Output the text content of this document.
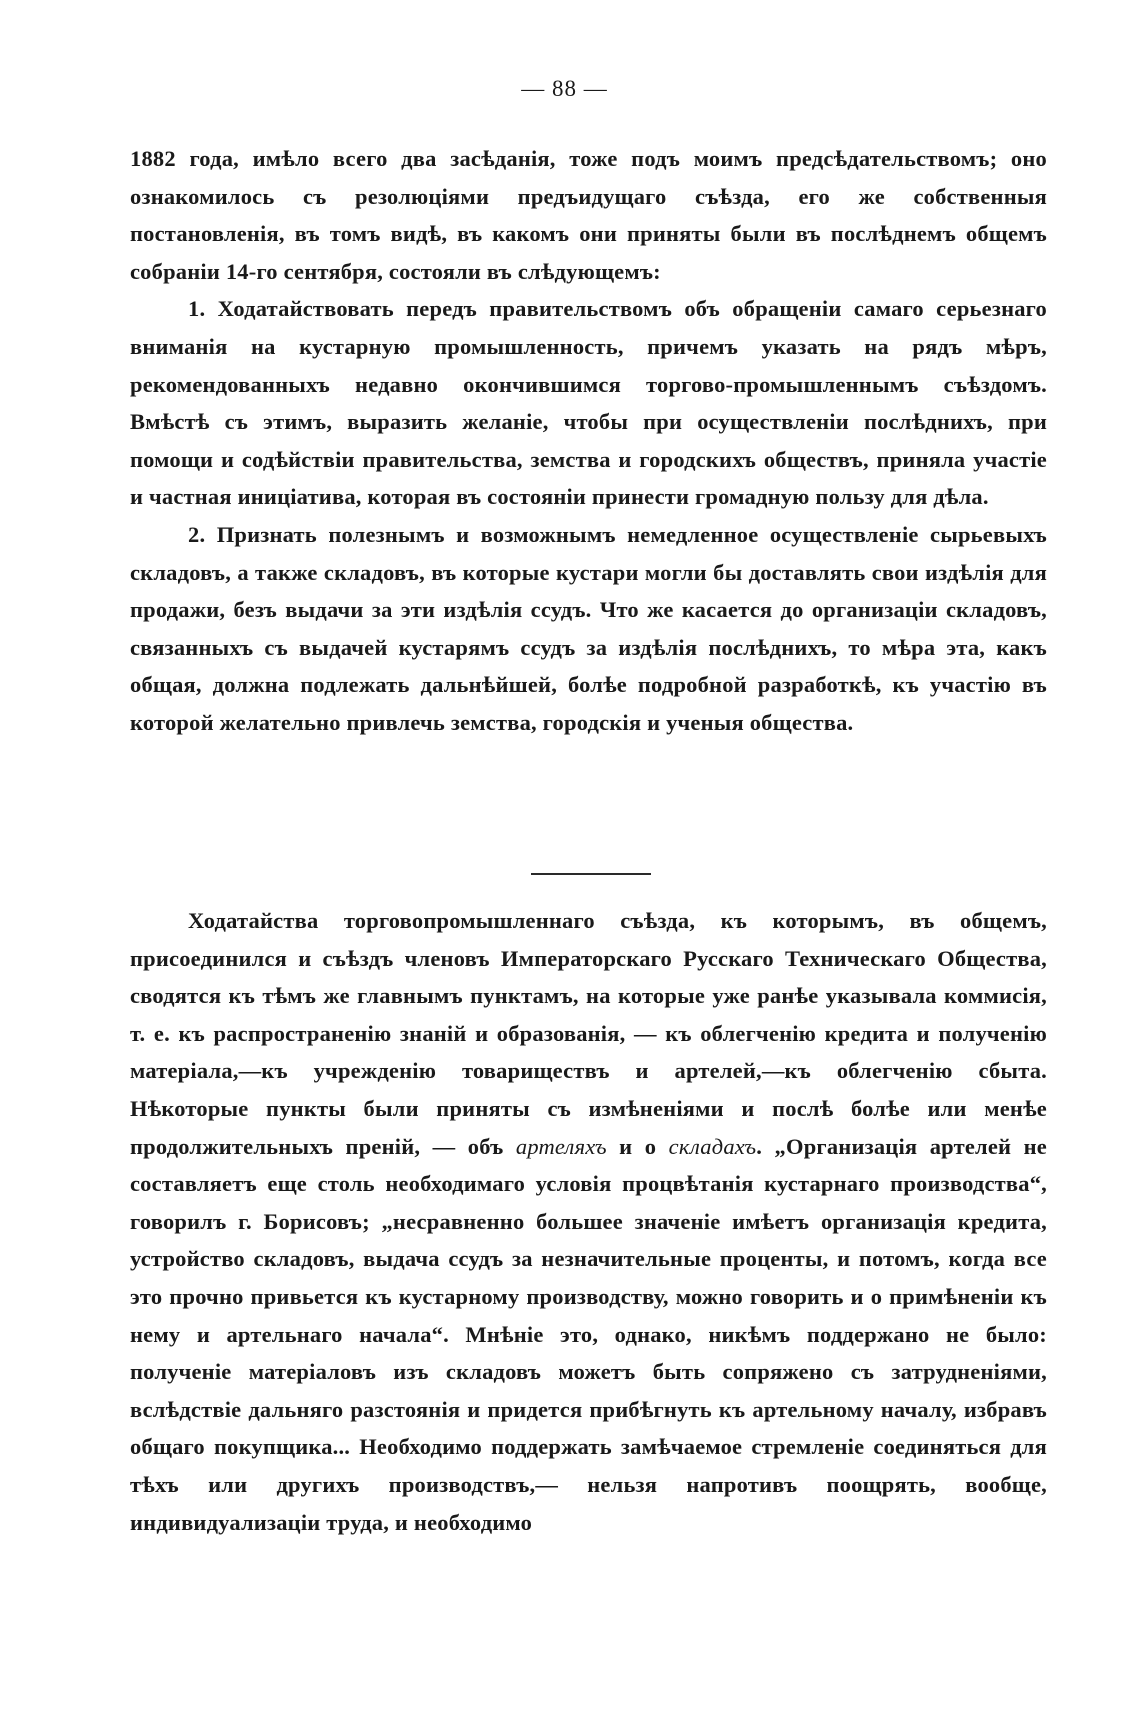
— 88 —

1882 года, имѣло всего два засѣданія, тоже подъ моимъ предсѣдательствомъ; оно ознакомилось съ резолюціями предъидущаго съѣзда, его же собственныя постановленія, въ томъ видѣ, въ какомъ они приняты были въ послѣднемъ общемъ собраніи 14-го сентября, состояли въ слѣдующемъ:

1. Ходатайствовать передъ правительствомъ объ обращеніи самаго серьезнаго вниманія на кустарную промышленность, причемъ указать на рядъ мѣръ, рекомендованныхъ недавно окончившимся торгово-промышленнымъ съѣздомъ. Вмѣстѣ съ этимъ, выразить желаніе, чтобы при осуществленіи послѣднихъ, при помощи и содѣйствіи правительства, земства и городскихъ обществъ, приняла участіе и частная иниціатива, которая въ состояніи принести громадную пользу для дѣла.

2. Признать полезнымъ и возможнымъ немедленное осуществленіе сырьевыхъ складовъ, а также складовъ, въ которые кустари могли бы доставлять свои издѣлія для продажи, безъ выдачи за эти издѣлія ссудъ. Что же касается до организаціи складовъ, связанныхъ съ выдачей кустарямъ ссудъ за издѣлія послѣднихъ, то мѣра эта, какъ общая, должна подлежать дальнѣйшей, болѣе подробной разработкѣ, къ участію въ которой желательно привлечь земства, городскія и ученыя общества.

Ходатайства торговопромышленнаго съѣзда, къ которымъ, въ общемъ, присоединился и съѣздъ членовъ Императорскаго Русскаго Техническаго Общества, сводятся къ тѣмъ же главнымъ пунктамъ, на которые уже ранѣе указывала коммисія, т. е. къ распространенію знаній и образованія, — къ облегченію кредита и полученію матеріала,—къ учрежденію товариществъ и артелей,—къ облегченію сбыта. Нѣкоторые пункты были приняты съ измѣненіями и послѣ болѣе или менѣе продолжительныхъ преній, — объ артеляхъ и о складахъ. „Организація артелей не составляетъ еще столь необходимаго условія процвѣтанія кустарнаго производства“, говорилъ г. Борисовъ; „несравненно большее значеніе имѣетъ организація кредита, устройство складовъ, выдача ссудъ за незначительные проценты, и потомъ, когда все это прочно привьется къ кустарному производству, можно говорить и о примѣненіи къ нему и артельнаго начала“. Мнѣніе это, однако, никѣмъ поддержано не было: полученіе матеріаловъ изъ складовъ можетъ быть сопряжено съ затрудненіями, вслѣдствіе дальняго разстоянія и придется прибѣгнуть къ артельному началу, избравъ общаго покупщика... Необходимо поддержать замѣчаемое стремленіе соединяться для тѣхъ или другихъ производствъ,— нельзя напротивъ поощрять, вообще, индивидуализаціи труда, и необходимо
